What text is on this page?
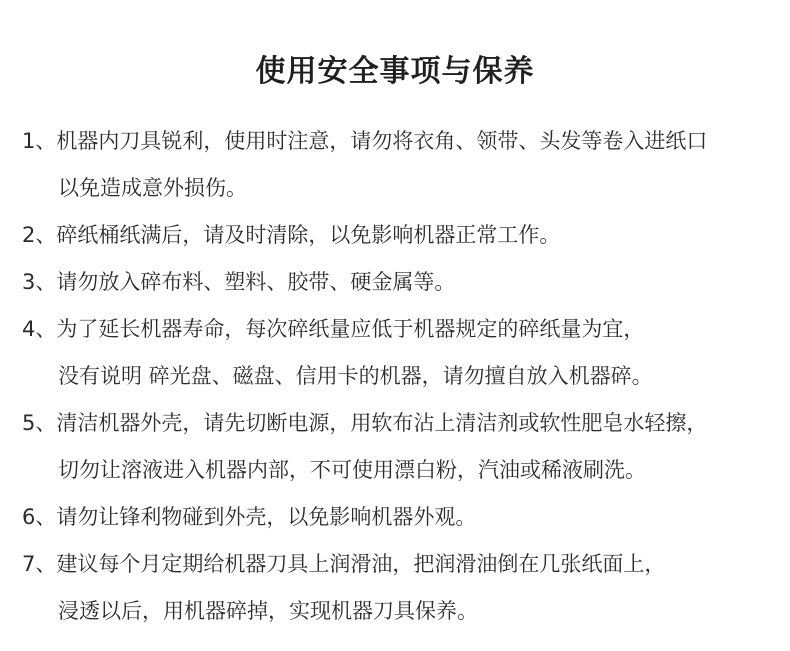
使用安全事项与保养
1、机器内刀具锐利，使用时注意，请勿将衣角、领带、头发等卷入进纸口
以免造成意外损伤。
2、碎纸桶纸满后，请及时清除，以免影响机器正常工作。
3、请勿放入碎布料、塑料、胶带、硬金属等。
4、为了延长机器寿命，每次碎纸量应低于机器规定的碎纸量为宜，
没有说明 碎光盘、磁盘、信用卡的机器，请勿擅自放入机器碎。
5、清洁机器外壳，请先切断电源，用软布沾上清洁剂或软性肥皂水轻擦，
切勿让溶液进入机器内部，不可使用漂白粉，汽油或稀液刷洗。
6、请勿让锋利物碰到外壳，以免影响机器外观。
7、建议每个月定期给机器刀具上润滑油，把润滑油倒在几张纸面上，
浸透以后，用机器碎掉，实现机器刀具保养。
